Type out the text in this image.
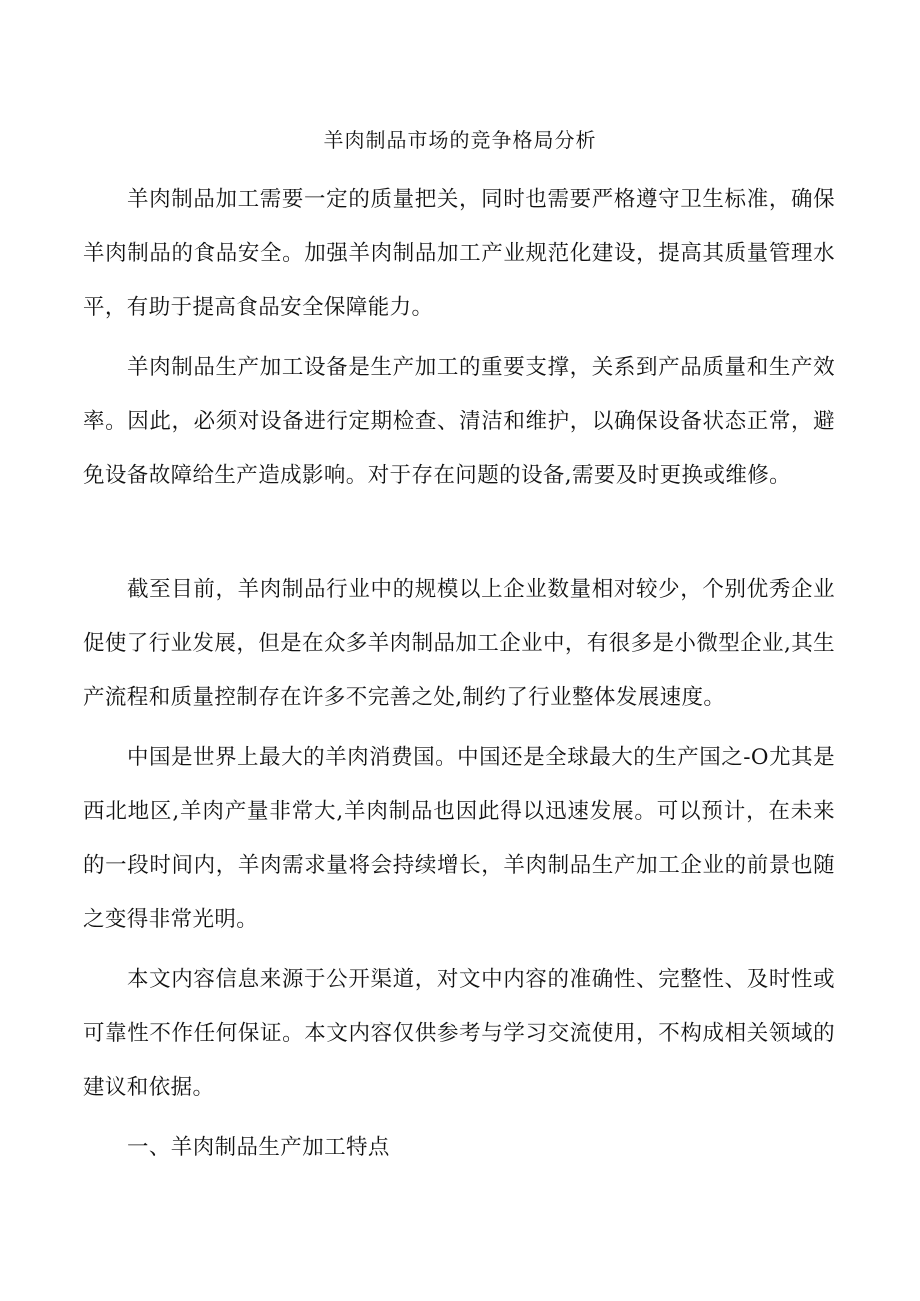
羊肉制品市场的竞争格局分析

羊肉制品加工需要一定的质量把关，同时也需要严格遵守卫生标准，确保羊肉制品的食品安全。加强羊肉制品加工产业规范化建设，提高其质量管理水平，有助于提高食品安全保障能力。

羊肉制品生产加工设备是生产加工的重要支撑，关系到产品质量和生产效率。因此，必须对设备进行定期检查、清洁和维护，以确保设备状态正常，避免设备故障给生产造成影响。对于存在问题的设备,需要及时更换或维修。

截至目前，羊肉制品行业中的规模以上企业数量相对较少，个别优秀企业促使了行业发展，但是在众多羊肉制品加工企业中，有很多是小微型企业,其生产流程和质量控制存在许多不完善之处,制约了行业整体发展速度。

中国是世界上最大的羊肉消费国。中国还是全球最大的生产国之-O尤其是西北地区,羊肉产量非常大,羊肉制品也因此得以迅速发展。可以预计，在未来的一段时间内，羊肉需求量将会持续增长，羊肉制品生产加工企业的前景也随之变得非常光明。

本文内容信息来源于公开渠道，对文中内容的准确性、完整性、及时性或可靠性不作任何保证。本文内容仅供参考与学习交流使用，不构成相关领域的建议和依据。

一、羊肉制品生产加工特点
